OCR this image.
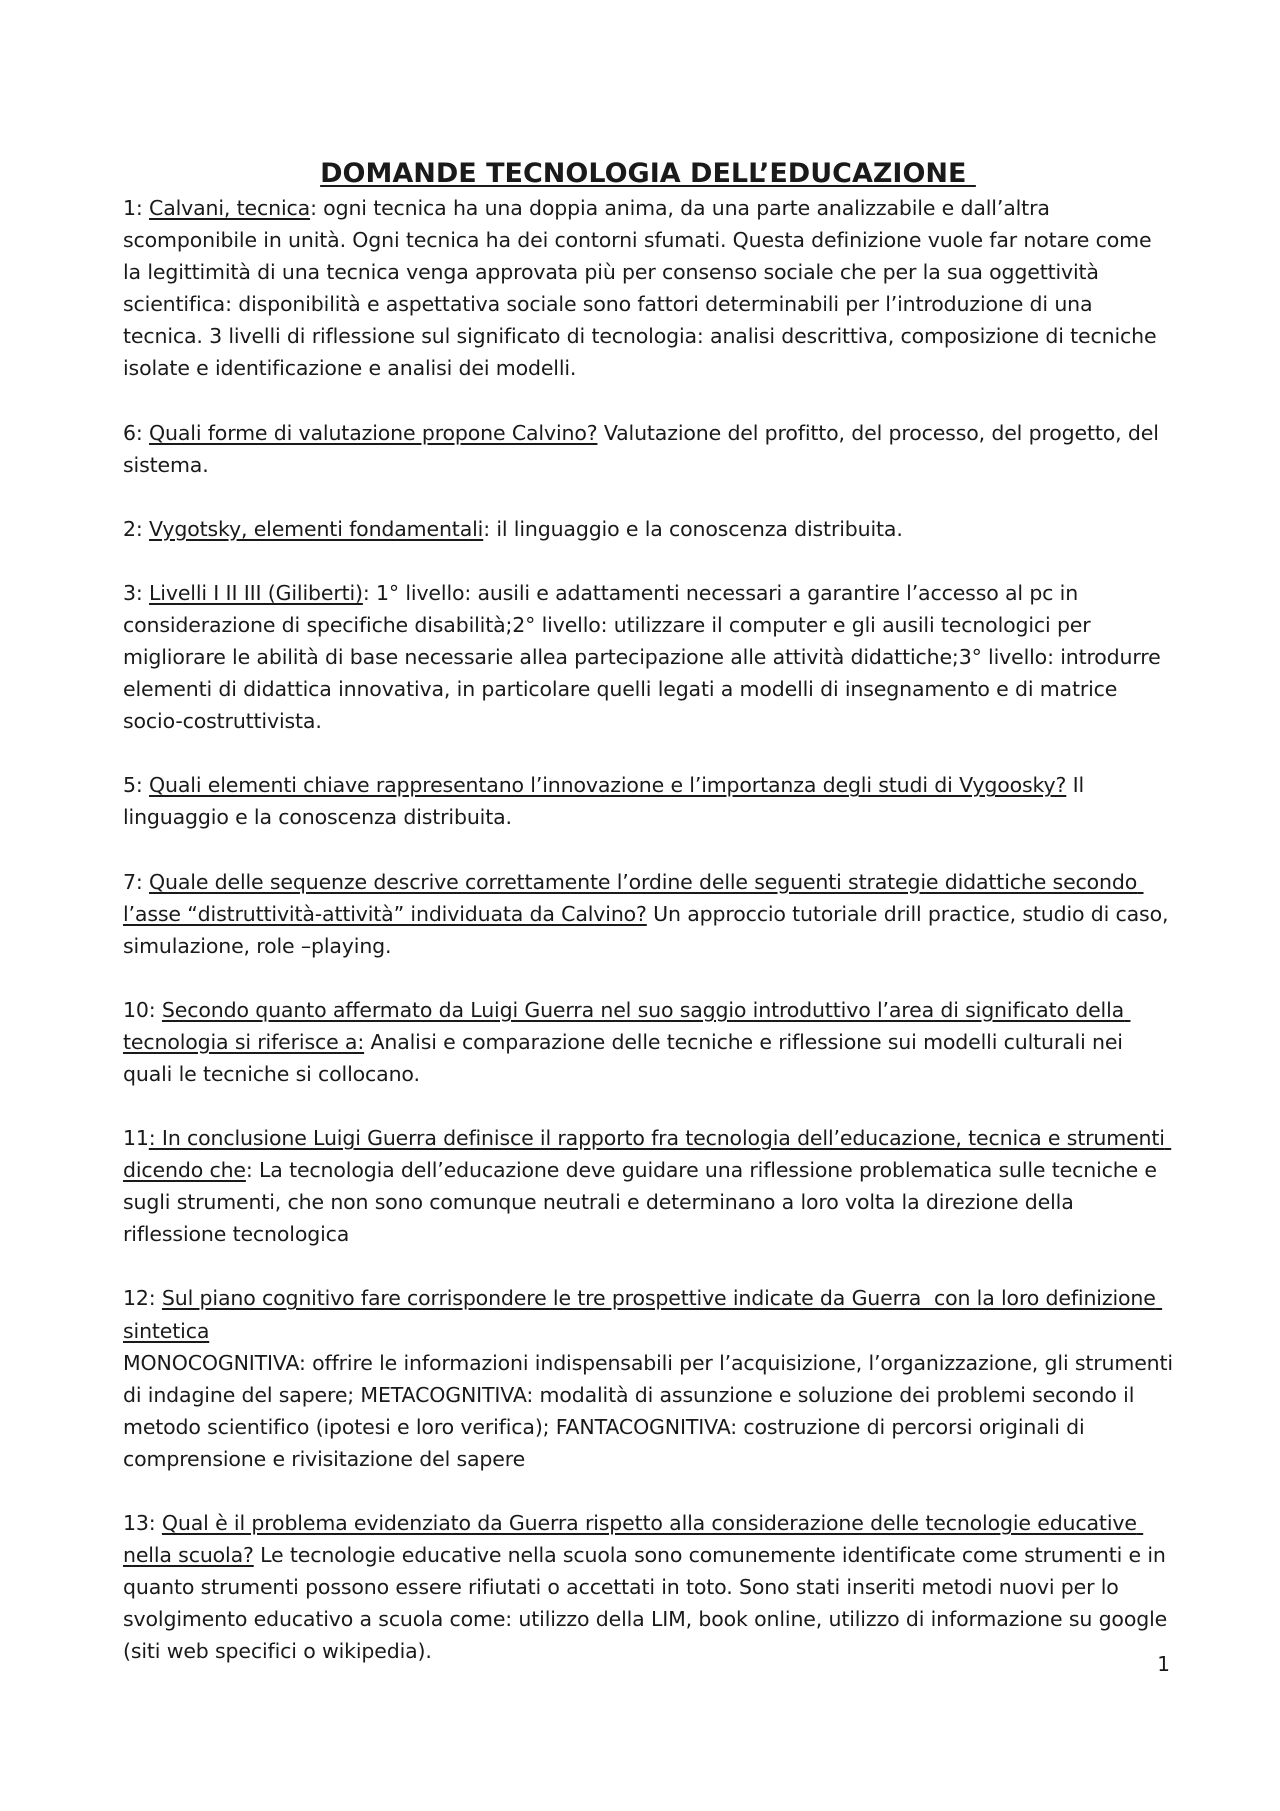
DOMANDE TECNOLOGIA DELL’EDUCAZIONE

1: Calvani, tecnica: ogni tecnica ha una doppia anima, da una parte analizzabile e dall’altra scomponibile in unità. Ogni tecnica ha dei contorni sfumati. Questa definizione vuole far notare come la legittimità di una tecnica venga approvata più per consenso sociale che per la sua oggettività scientifica: disponibilità e aspettativa sociale sono fattori determinabili per l’introduzione di una tecnica. 3 livelli di riflessione sul significato di tecnologia: analisi descrittiva, composizione di tecniche isolate e identificazione e analisi dei modelli.

6: Quali forme di valutazione propone Calvino? Valutazione del profitto, del processo, del progetto, del sistema.

2: Vygotsky, elementi fondamentali: il linguaggio e la conoscenza distribuita.

3: Livelli I II III (Giliberti): 1° livello: ausili e adattamenti necessari a garantire l’accesso al pc in considerazione di specifiche disabilità;2° livello: utilizzare il computer e gli ausili tecnologici per migliorare le abilità di base necessarie allea partecipazione alle attività didattiche;3° livello: introdurre elementi di didattica innovativa, in particolare quelli legati a modelli di insegnamento e di matrice socio-costruttivista.

5: Quali elementi chiave rappresentano l’innovazione e l’importanza degli studi di Vygoosky? Il linguaggio e la conoscenza distribuita.

7: Quale delle sequenze descrive correttamente l’ordine delle seguenti strategie didattiche secondo l’asse “distruttività-attività” individuata da Calvino? Un approccio tutoriale drill practice, studio di caso, simulazione, role –playing.

10: Secondo quanto affermato da Luigi Guerra nel suo saggio introduttivo l’area di significato della tecnologia si riferisce a: Analisi e comparazione delle tecniche e riflessione sui modelli culturali nei quali le tecniche si collocano.

11: In conclusione Luigi Guerra definisce il rapporto fra tecnologia dell’educazione, tecnica e strumenti dicendo che: La tecnologia dell’educazione deve guidare una riflessione problematica sulle tecniche e sugli strumenti, che non sono comunque neutrali e determinano a loro volta la direzione della riflessione tecnologica

12: Sul piano cognitivo fare corrispondere le tre prospettive indicate da Guerra  con la loro definizione sintetica
MONOCOGNITIVA: offrire le informazioni indispensabili per l’acquisizione, l’organizzazione, gli strumenti di indagine del sapere; METACOGNITIVA: modalità di assunzione e soluzione dei problemi secondo il metodo scientifico (ipotesi e loro verifica); FANTACOGNITIVA: costruzione di percorsi originali di comprensione e rivisitazione del sapere

13: Qual è il problema evidenziato da Guerra rispetto alla considerazione delle tecnologie educative nella scuola? Le tecnologie educative nella scuola sono comunemente identificate come strumenti e in quanto strumenti possono essere rifiutati o accettati in toto. Sono stati inseriti metodi nuovi per lo svolgimento educativo a scuola come: utilizzo della LIM, book online, utilizzo di informazione su google (siti web specifici o wikipedia).

1
